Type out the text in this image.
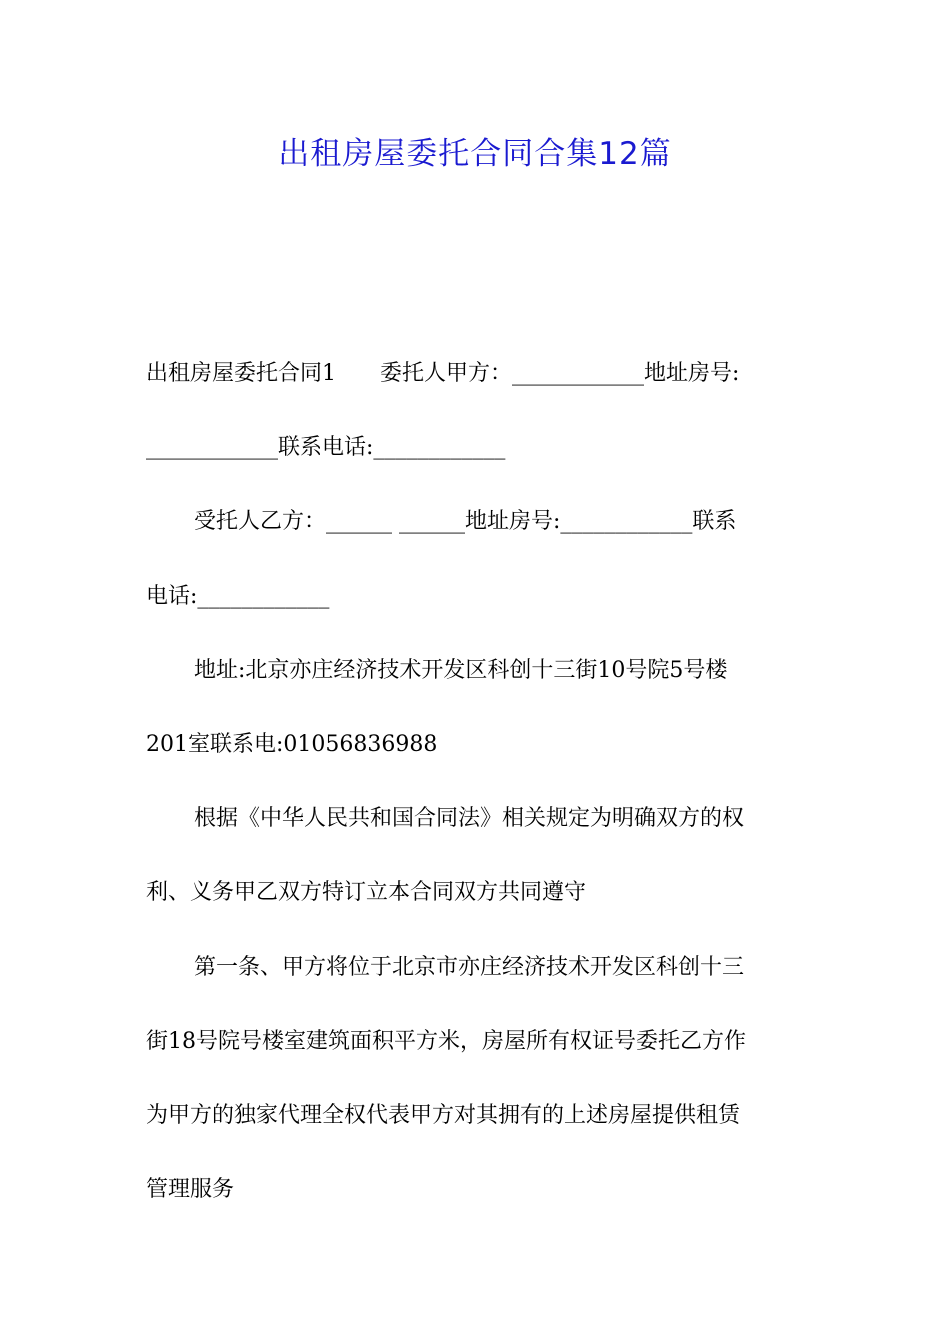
出租房屋委托合同合集12篇
出租房屋委托合同1　　委托人甲方：____________地址房号:
____________联系电话:____________
受托人乙方：______ ______地址房号:____________联系
电话:____________
地址:北京亦庄经济技术开发区科创十三街10号院5号楼
201室联系电:01056836988
根据《中华人民共和国合同法》相关规定为明确双方的权
利、义务甲乙双方特订立本合同双方共同遵守
第一条、甲方将位于北京市亦庄经济技术开发区科创十三
街18号院号楼室建筑面积平方米，房屋所有权证号委托乙方作
为甲方的独家代理全权代表甲方对其拥有的上述房屋提供租赁
管理服务
